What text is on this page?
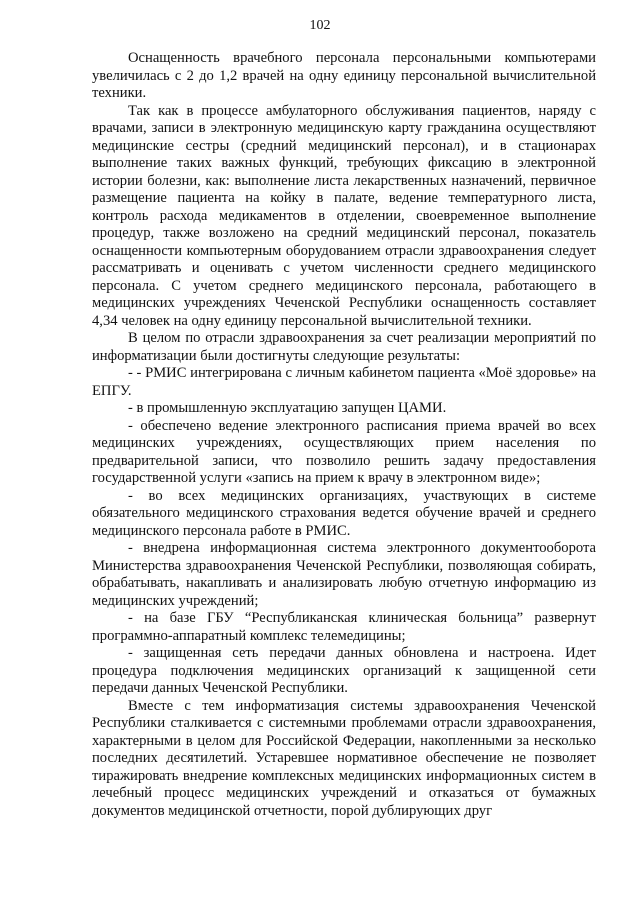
102

Оснащенность врачебного персонала персональными компьютерами увеличилась с 2 до 1,2 врачей на одну единицу персональной вычислительной техники.

Так как в процессе амбулаторного обслуживания пациентов, наряду с врачами, записи в электронную медицинскую карту гражданина осуществляют медицинские сестры (средний медицинский персонал), и в стационарах выполнение таких важных функций, требующих фиксацию в электронной истории болезни, как: выполнение листа лекарственных назначений, первичное размещение пациента на койку в палате, ведение температурного листа, контроль расхода медикаментов в отделении, своевременное выполнение процедур, также возложено на средний медицинский персонал, показатель оснащенности компьютерным оборудованием отрасли здравоохранения следует рассматривать и оценивать с учетом численности среднего медицинского персонала. С учетом среднего медицинского персонала, работающего в медицинских учреждениях Чеченской Республики оснащенность составляет 4,34 человек на одну единицу персональной вычислительной техники.

В целом по отрасли здравоохранения за счет реализации мероприятий по информатизации были достигнуты следующие результаты:

- - РМИС интегрирована с личным кабинетом пациента «Моё здоровье» на ЕПГУ.

- в промышленную эксплуатацию запущен ЦАМИ.

- обеспечено ведение электронного расписания приема врачей во всех медицинских учреждениях, осуществляющих прием населения по предварительной записи, что позволило решить задачу предоставления государственной услуги «запись на прием к врачу в электронном виде»;

- во всех медицинских организациях, участвующих в системе обязательного медицинского страхования ведется обучение врачей и среднего медицинского персонала работе в РМИС.

- внедрена информационная система электронного документооборота Министерства здравоохранения Чеченской Республики, позволяющая собирать, обрабатывать, накапливать и анализировать любую отчетную информацию из медицинских учреждений;

- на базе ГБУ “Республиканская клиническая больница” развернут программно-аппаратный комплекс телемедицины;

- защищенная сеть передачи данных обновлена и настроена. Идет процедура подключения медицинских организаций к защищенной сети передачи данных Чеченской Республики.

Вместе с тем информатизация системы здравоохранения Чеченской Республики сталкивается с системными проблемами отрасли здравоохранения, характерными в целом для Российской Федерации, накопленными за несколько последних десятилетий. Устаревшее нормативное обеспечение не позволяет тиражировать внедрение комплексных медицинских информационных систем в лечебный процесс медицинских учреждений и отказаться от бумажных документов медицинской отчетности, порой дублирующих друг
